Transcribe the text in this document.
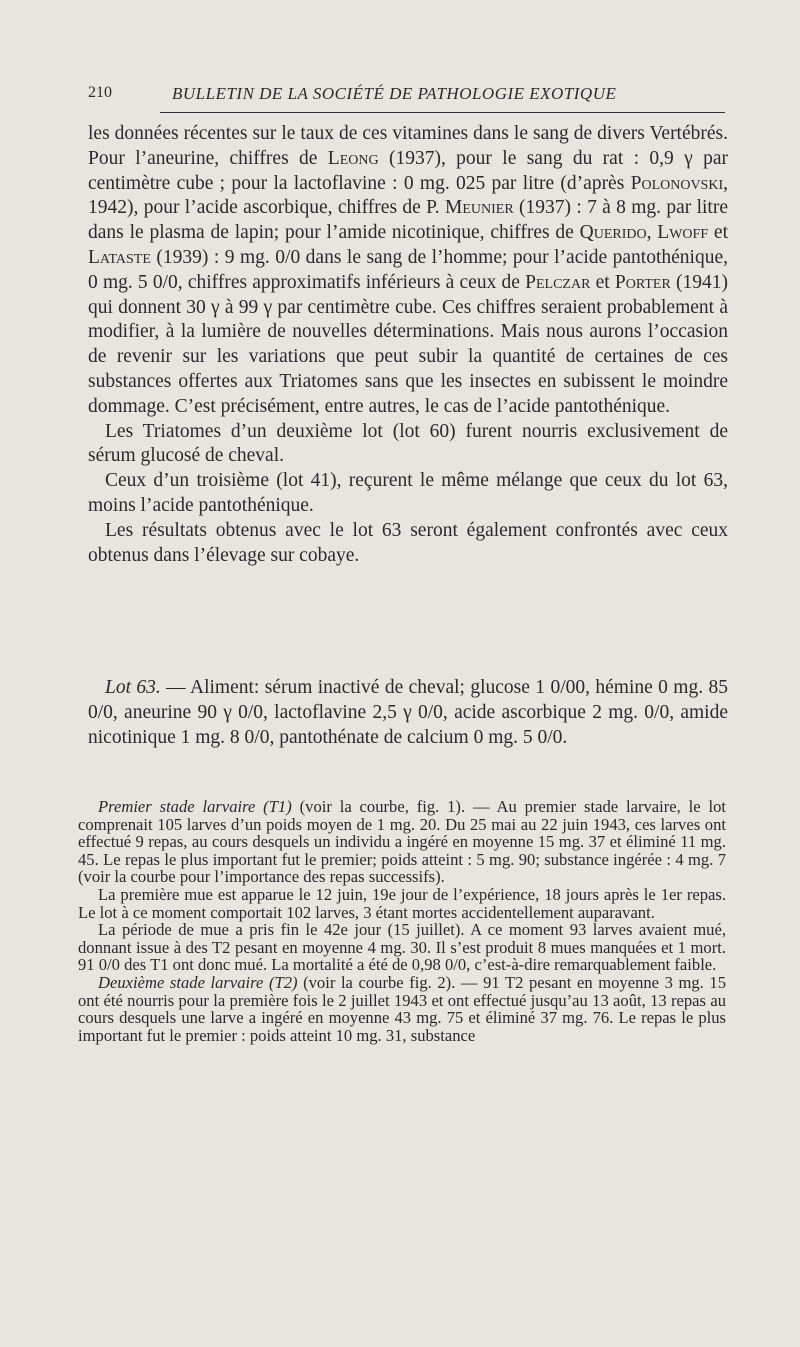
210	BULLETIN DE LA SOCIÉTÉ DE PATHOLOGIE EXOTIQUE

les données récentes sur le taux de ces vitamines dans le sang de divers Vertébrés. Pour l’aneurine, chiffres de Leong (1937), pour le sang du rat : 0,9 γ par centimètre cube ; pour la lactoflavine : 0 mg. 025 par litre (d’après Polonovski, 1942), pour l’acide ascorbique, chiffres de P. Meunier (1937) : 7 à 8 mg. par litre dans le plasma de lapin; pour l’amide nicotinique, chiffres de Querido, Lwoff et Lataste (1939) : 9 mg. 0/0 dans le sang de l’homme; pour l’acide pantothénique, 0 mg. 5 0/0, chiffres approximatifs inférieurs à ceux de Pelczar et Porter (1941) qui donnent 30 γ à 99 γ par centimètre cube. Ces chiffres seraient probablement à modifier, à la lumière de nouvelles déterminations. Mais nous aurons l’occasion de revenir sur les variations que peut subir la quantité de certaines de ces substances offertes aux Triatomes sans que les insectes en subissent le moindre dommage. C’est précisément, entre autres, le cas de l’acide pantothénique.

Les Triatomes d’un deuxième lot (lot 60) furent nourris exclusivement de sérum glucosé de cheval.

Ceux d’un troisième (lot 41), reçurent le même mélange que ceux du lot 63, moins l’acide pantothénique.

Les résultats obtenus avec le lot 63 seront également confrontés avec ceux obtenus dans l’élevage sur cobaye.

Lot 63. — Aliment: sérum inactivé de cheval; glucose 1 0/00, hémine 0 mg. 85 0/0, aneurine 90 γ 0/0, lactoflavine 2,5 γ 0/0, acide ascorbique 2 mg. 0/0, amide nicotinique 1 mg. 8 0/0, pantothénate de calcium 0 mg. 5 0/0.

Premier stade larvaire (T1) (voir la courbe, fig. 1). — Au premier stade larvaire, le lot comprenait 105 larves d’un poids moyen de 1 mg. 20. Du 25 mai au 22 juin 1943, ces larves ont effectué 9 repas, au cours desquels un individu a ingéré en moyenne 15 mg. 37 et éliminé 11 mg. 45. Le repas le plus important fut le premier; poids atteint : 5 mg. 90; substance ingérée : 4 mg. 7 (voir la courbe pour l’importance des repas successifs).

La première mue est apparue le 12 juin, 19e jour de l’expérience, 18 jours après le 1er repas. Le lot à ce moment comportait 102 larves, 3 étant mortes accidentellement auparavant.

La période de mue a pris fin le 42e jour (15 juillet). A ce moment 93 larves avaient mué, donnant issue à des T2 pesant en moyenne 4 mg. 30. Il s’est produit 8 mues manquées et 1 mort. 91 0/0 des T1 ont donc mué. La mortalité a été de 0,98 0/0, c’est-à-dire remarquablement faible.

Deuxième stade larvaire (T2) (voir la courbe fig. 2). — 91 T2 pesant en moyenne 3 mg. 15 ont été nourris pour la première fois le 2 juillet 1943 et ont effectué jusqu’au 13 août, 13 repas au cours desquels une larve a ingéré en moyenne 43 mg. 75 et éliminé 37 mg. 76. Le repas le plus important fut le premier : poids atteint 10 mg. 31, substance
